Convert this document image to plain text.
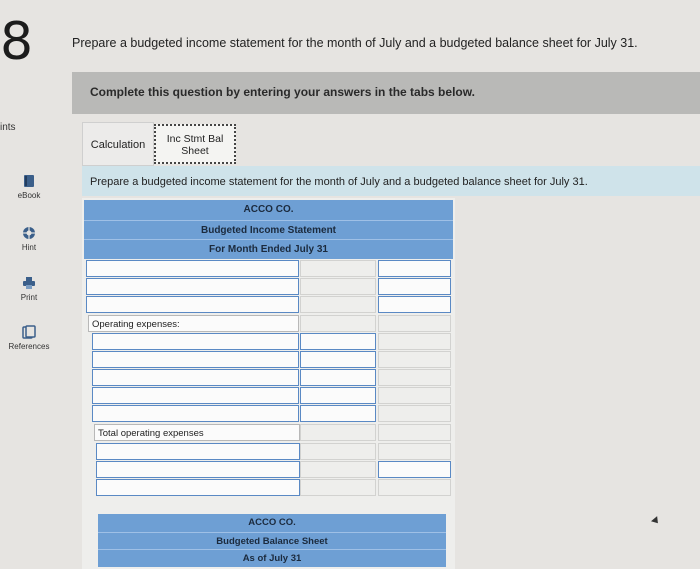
8	Prepare a budgeted income statement for the month of July and a budgeted balance sheet for July 31.
Complete this question by entering your answers in the tabs below.
ints
eBook
Hint
Print
References
Calculation	Inc Stmt Bal
Sheet
Prepare a budgeted income statement for the month of July and a budgeted balance sheet for July 31.
ACCO CO.
Budgeted Income Statement
For Month Ended July 31
Operating expenses:
Total operating expenses
ACCO CO.
Budgeted Balance Sheet
As of July 31
